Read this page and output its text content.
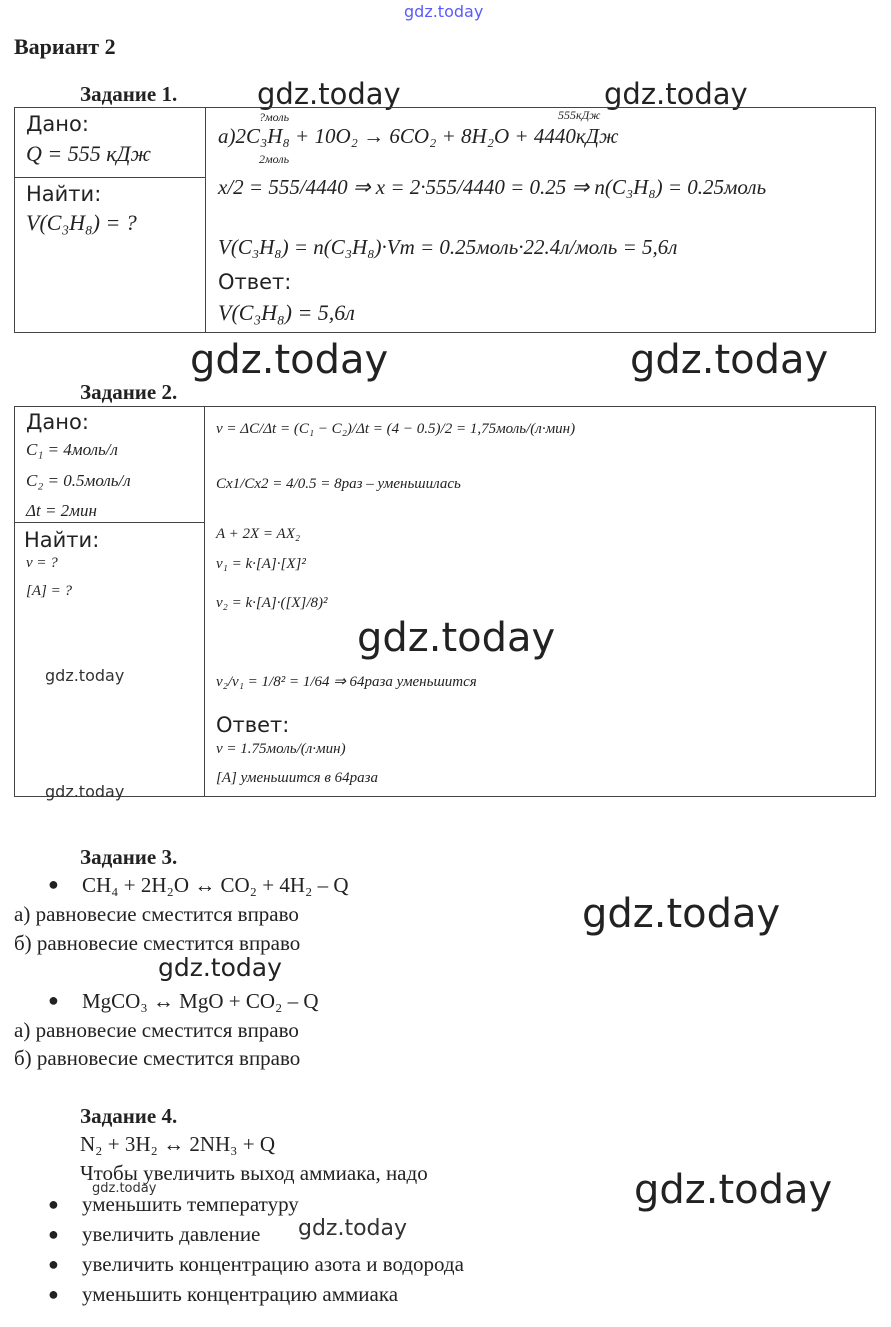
gdz.today
Вариант 2
Задание 1.	gdz.today	gdz.today

Дано:
Q = 555 кДж
Найти:
V(C₃H₈) = ?
?моль	555кДж
а)2C₃H₈ + 10O₂ → 6CO₂ + 8H₂O + 4440кДж
2моль
x/2 = 555/4440 ⇒ x = 2·555/4440 = 0.25 ⇒ n(C₃H₈) = 0.25моль
V(C₃H₈) = n(C₃H₈)·Vm = 0.25моль·22.4л/моль = 5,6л
Ответ:
V(C₃H₈) = 5,6л
gdz.today	gdz.today
Задание 2.

Дано:
C₁ = 4моль/л
C₂ = 0.5моль/л
Δt = 2мин
Найти:
v = ?
[A] = ?
v = ΔC/Δt = (C₁ − C₂)/Δt = (4 − 0.5)/2 = 1,75моль/(л·мин)
Cx1/Cx2 = 4/0.5 = 8раз – уменьшилась
A + 2X = AX₂
v₁ = k·[A]·[X]²
v₂ = k·[A]·([X]/8)²
v₂/v₁ = 1/8² = 1/64 ⇒ 64раза уменьшится
Ответ:
v = 1.75моль/(л·мин)
[A] уменьшится в 64раза
gdz.today
gdz.today
gdz.today
Задание 3.
● CH₄ + 2H₂O ↔ CO₂ + 4H₂ – Q
а) равновесие сместится вправо
б) равновесие сместится вправо
gdz.today
gdz.today
● MgCO₃ ↔ MgO + CO₂ – Q
а) равновесие сместится вправо
б) равновесие сместится вправо
Задание 4.
N₂ + 3H₂ ↔ 2NH₃ + Q
Чтобы увеличить выход аммиака, надо
gdz.today	gdz.today
● уменьшить температуру
● увеличить давление gdz.today
● увеличить концентрацию азота и водорода
● уменьшить концентрацию аммиака
